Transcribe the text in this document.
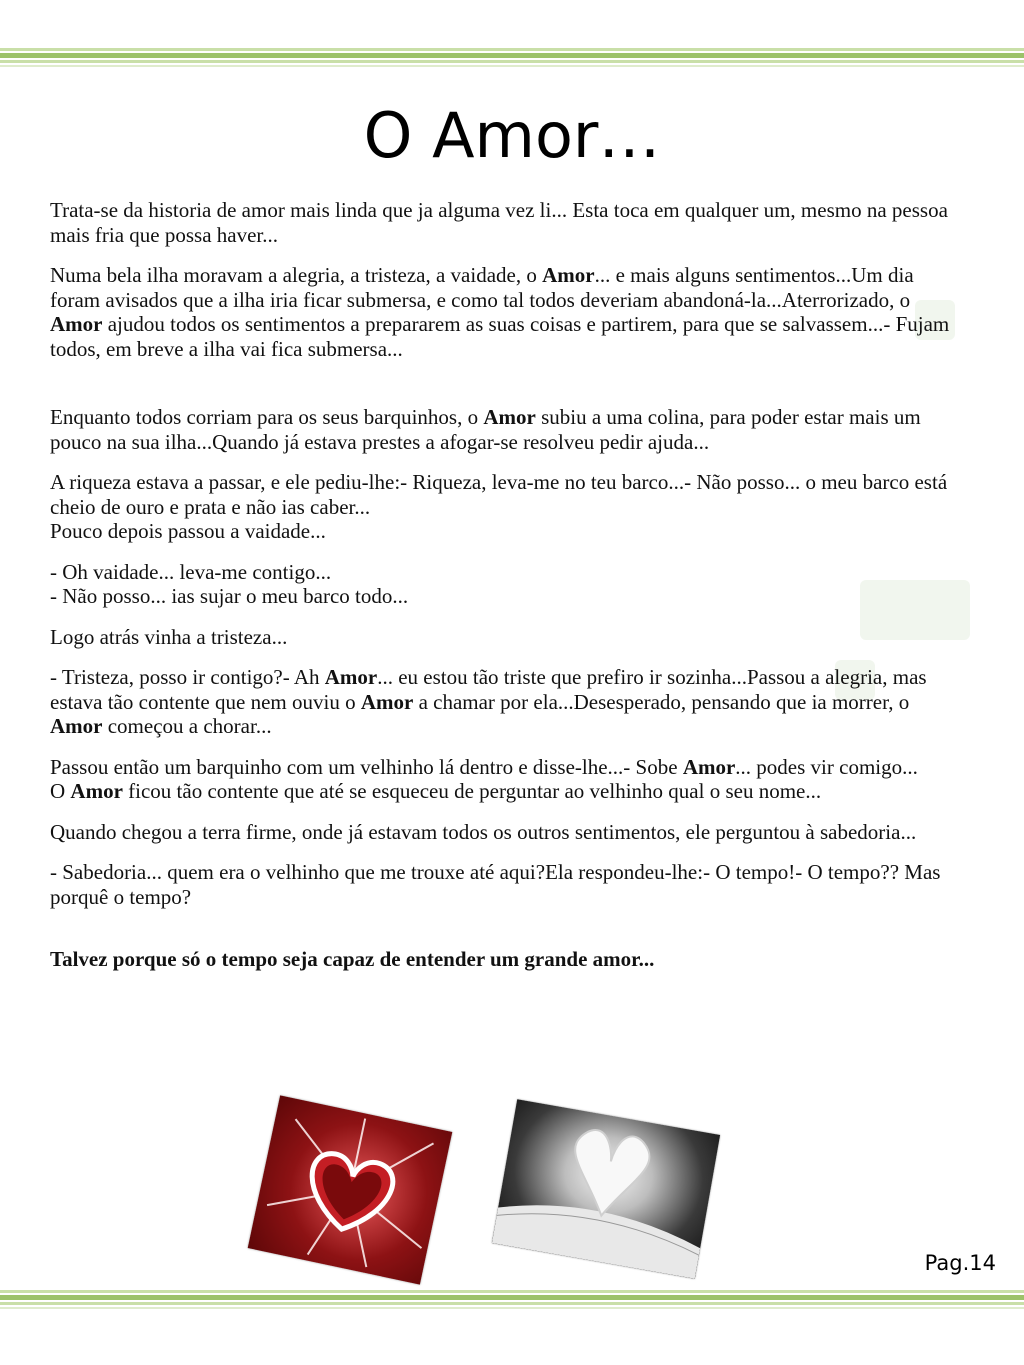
O Amor…

Trata-se da historia de amor mais linda que ja alguma vez li... Esta toca em qualquer um, mesmo na pessoa mais fria que possa haver...

Numa bela ilha moravam a alegria, a tristeza, a vaidade, o Amor... e mais alguns sentimentos...Um dia foram avisados que a ilha iria ficar submersa, e como tal todos deveriam abandoná-la...Aterrorizado, o Amor ajudou todos os sentimentos a prepararem as suas coisas e partirem, para que se salvassem...- Fujam todos, em breve a ilha vai fica submersa...

Enquanto todos corriam para os seus barquinhos, o Amor subiu a uma colina, para poder estar mais um pouco na sua ilha...Quando já estava prestes a afogar-se resolveu pedir ajuda...

A riqueza estava a passar, e ele pediu-lhe:- Riqueza, leva-me no teu barco...- Não posso... o meu barco está cheio de ouro e prata e não ias caber...
Pouco depois passou a vaidade...

- Oh vaidade... leva-me contigo...
- Não posso... ias sujar o meu barco todo...

Logo atrás vinha a tristeza...

- Tristeza, posso ir contigo?- Ah Amor... eu estou tão triste que prefiro ir sozinha...Passou a alegria, mas estava tão contente que nem ouviu o Amor a chamar por ela...Desesperado, pensando que ia morrer, o Amor começou a chorar...

Passou então um barquinho com um velhinho lá dentro e disse-lhe...- Sobe Amor... podes vir comigo...
O Amor ficou tão contente que até se esqueceu de perguntar ao velhinho qual o seu nome...

Quando chegou a terra firme, onde já estavam todos os outros sentimentos, ele perguntou à sabedoria...

- Sabedoria... quem era o velhinho que me trouxe até aqui?Ela respondeu-lhe:- O tempo!- O tempo?? Mas porquê o tempo?

Talvez porque só o tempo seja capaz de entender um grande amor...

Pag.14
